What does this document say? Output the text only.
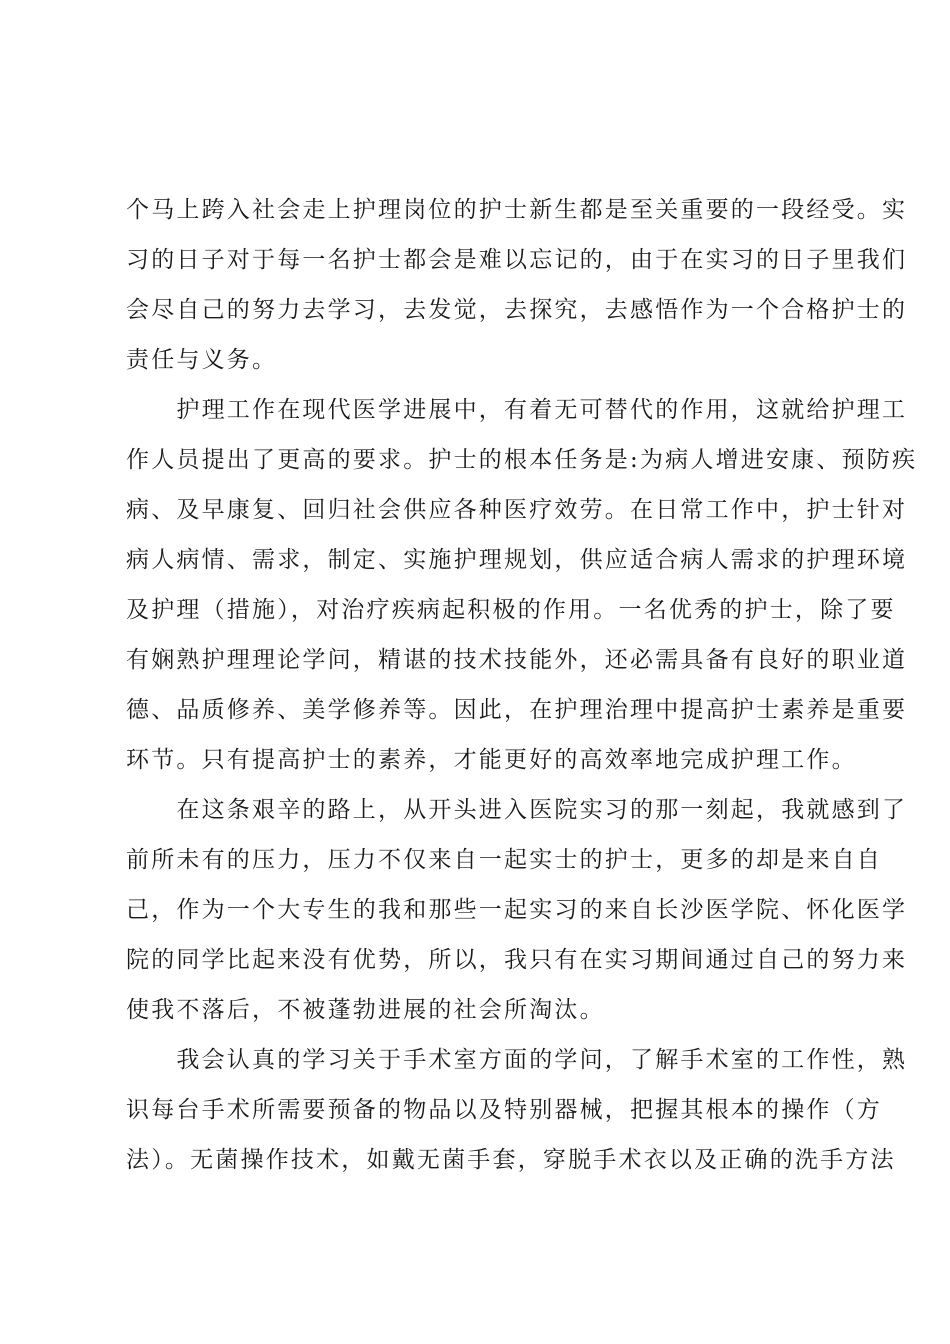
个马上跨入社会走上护理岗位的护士新生都是至关重要的一段经受。实
习的日子对于每一名护士都会是难以忘记的，由于在实习的日子里我们
会尽自己的努力去学习，去发觉，去探究，去感悟作为一个合格护士的
责任与义务。
　　护理工作在现代医学进展中，有着无可替代的作用，这就给护理工
作人员提出了更高的要求。护士的根本任务是:为病人增进安康、预防疾
病、及早康复、回归社会供应各种医疗效劳。在日常工作中，护士针对
病人病情、需求，制定、实施护理规划，供应适合病人需求的护理环境
及护理（措施），对治疗疾病起积极的作用。一名优秀的护士，除了要
有娴熟护理理论学问，精谌的技术技能外，还必需具备有良好的职业道
德、品质修养、美学修养等。因此，在护理治理中提高护士素养是重要
环节。只有提高护士的素养，才能更好的高效率地完成护理工作。
　　在这条艰辛的路上，从开头进入医院实习的那一刻起，我就感到了
前所未有的压力，压力不仅来自一起实士的护士，更多的却是来自自
己，作为一个大专生的我和那些一起实习的来自长沙医学院、怀化医学
院的同学比起来没有优势，所以，我只有在实习期间通过自己的努力来
使我不落后，不被蓬勃进展的社会所淘汰。
　　我会认真的学习关于手术室方面的学问，了解手术室的工作性，熟
识每台手术所需要预备的物品以及特别器械，把握其根本的操作（方
法）。无菌操作技术，如戴无菌手套，穿脱手术衣以及正确的洗手方法
